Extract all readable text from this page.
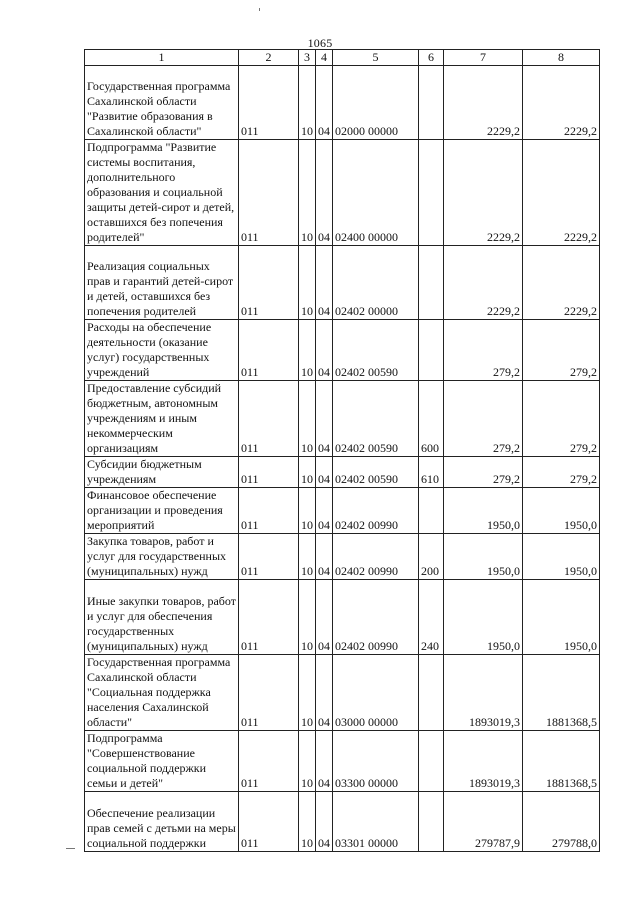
1065
1	2	3	4	5	6	7	8
Государственная программа Сахалинской области "Развитие образования в Сахалинской области"	011	10	04	02000 00000		2229,2	2229,2
Подпрограмма "Развитие системы воспитания, дополнительного образования и социальной защиты детей-сирот и детей, оставшихся без попечения родителей"	011	10	04	02400 00000		2229,2	2229,2
Реализация социальных прав и гарантий детей-сирот и детей, оставшихся без попечения родителей	011	10	04	02402 00000		2229,2	2229,2
Расходы на обеспечение деятельности (оказание услуг) государственных учреждений	011	10	04	02402 00590		279,2	279,2
Предоставление субсидий бюджетным, автономным учреждениям и иным некоммерческим организациям	011	10	04	02402 00590	600	279,2	279,2
Субсидии бюджетным учреждениям	011	10	04	02402 00590	610	279,2	279,2
Финансовое обеспечение организации и проведения мероприятий	011	10	04	02402 00990		1950,0	1950,0
Закупка товаров, работ и услуг для государственных (муниципальных) нужд	011	10	04	02402 00990	200	1950,0	1950,0
Иные закупки товаров, работ и услуг для обеспечения государственных (муниципальных) нужд	011	10	04	02402 00990	240	1950,0	1950,0
Государственная программа Сахалинской области "Социальная поддержка населения Сахалинской области"	011	10	04	03000 00000		1893019,3	1881368,5
Подпрограмма "Совершенствование социальной поддержки семьи и детей"	011	10	04	03300 00000		1893019,3	1881368,5
Обеспечение реализации прав семей с детьми на меры социальной поддержки	011	10	04	03301 00000		279787,9	279788,0
